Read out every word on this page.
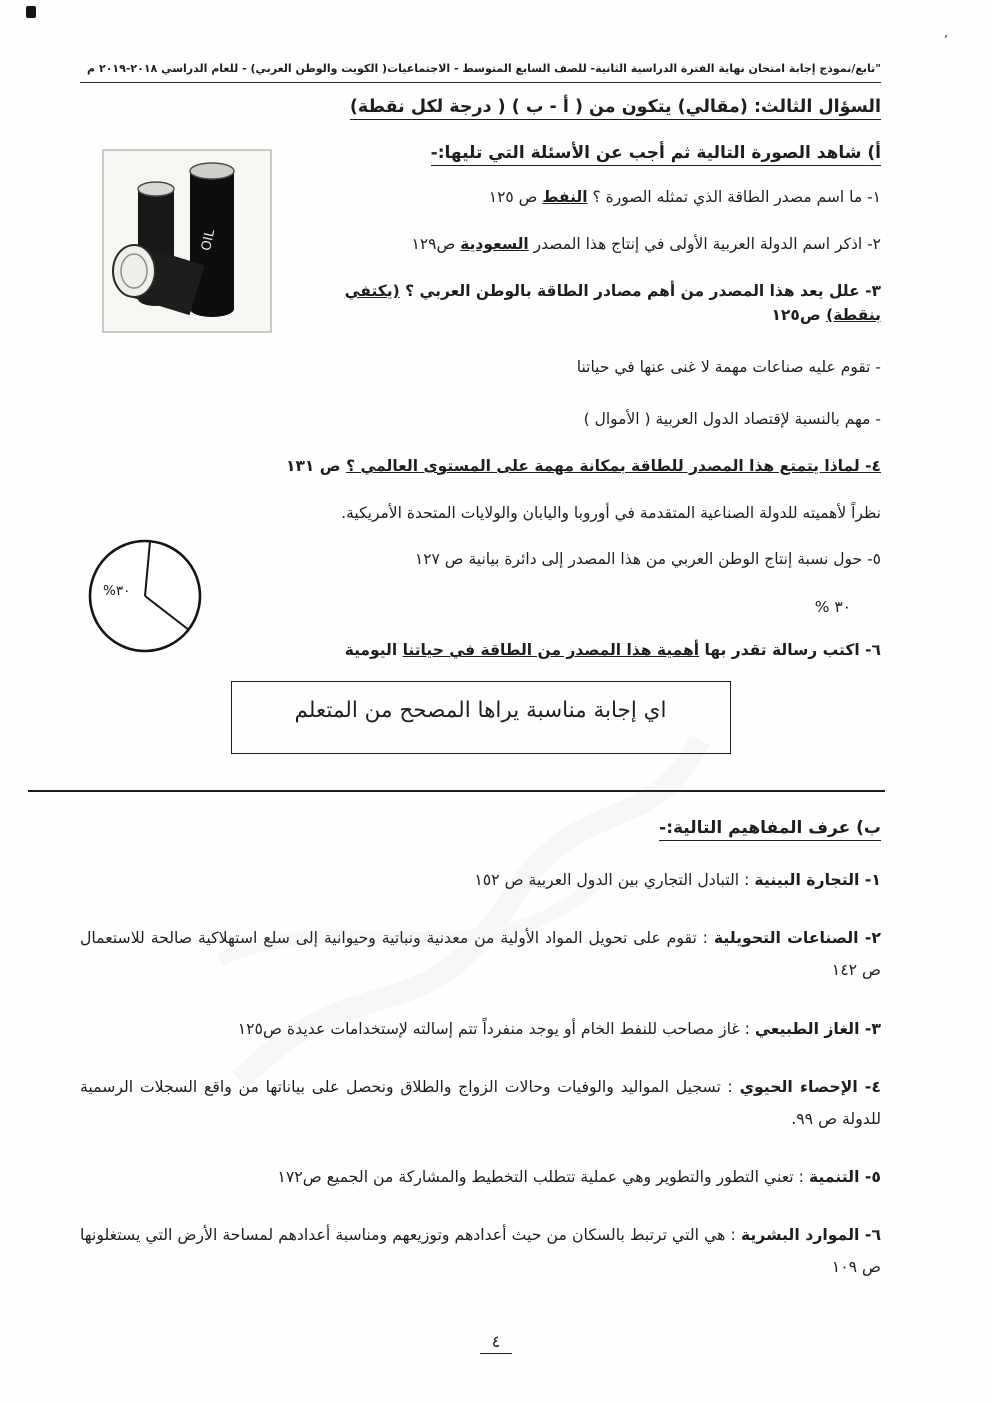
’
"تابع/نموذج إجابة امتحان نهاية الفترة الدراسية الثانية- للصف السابع المتوسط - الاجتماعيات( الكويت والوطن العربي) - للعام الدراسي ٢٠١٨-٢٠١٩ م
السؤال الثالث: (مقالي) يتكون من ( أ - ب ) ( درجة لكل نقطة)
OIL
أ) شاهد الصورة التالية ثم أجب عن الأسئلة التي تليها:-

١- ما اسم مصدر الطاقة الذي تمثله الصورة ؟ النفط ص ١٢٥

٢- اذكر اسم الدولة العربية الأولى في إنتاج هذا المصدر السعودية ص١٢٩

٣- علل يعد هذا المصدر من أهم مصادر الطاقة بالوطن العربي ؟ (يكتفي بنقطة) ص١٢٥

- تقوم عليه صناعات مهمة لا غنى عنها في حياتنا

- مهم بالنسبة لإقتصاد الدول العربية ( الأموال )

٤- لماذا يتمتع هذا المصدر للطاقة بمكانة مهمة على المستوى العالمي ؟ ص ١٣١

نظراً لأهميته للدولة الصناعية المتقدمة في أوروبا واليابان والولايات المتحدة الأمريكية.

٣٠%

٥- حول نسبة إنتاج الوطن العربي من هذا المصدر إلى دائرة بيانية ص ١٢٧

٣٠ %

٦- اكتب رسالة تقدر بها أهمية هذا المصدر من الطاقة في حياتنا اليومية

اي إجابة مناسبة يراها المصحح من المتعلم
ب) عرف المفاهيم التالية:-

١- التجارة البينية : التبادل التجاري بين الدول العربية ص ١٥٢

٢- الصناعات التحويلية : تقوم على تحويل المواد الأولية من معدنية ونباتية وحيوانية إلى سلع استهلاكية صالحة للاستعمال ص ١٤٢

٣- الغاز الطبيعي : غاز مصاحب للنفط الخام أو يوجد منفرداً تتم إسالته لإستخدامات عديدة ص١٢٥

٤- الإحصاء الحيوي : تسجيل المواليد والوفيات وحالات الزواج والطلاق ونحصل على بياناتها من واقع السجلات الرسمية للدولة ص ٩٩.

٥- التنمية : تعني التطور والتطوير وهي عملية تتطلب التخطيط والمشاركة من الجميع ص١٧٢

٦- الموارد البشرية : هي التي ترتبط بالسكان من حيث أعدادهم وتوزيعهم ومناسبة أعدادهم لمساحة الأرض التي يستغلونها ص ١٠٩

٤
